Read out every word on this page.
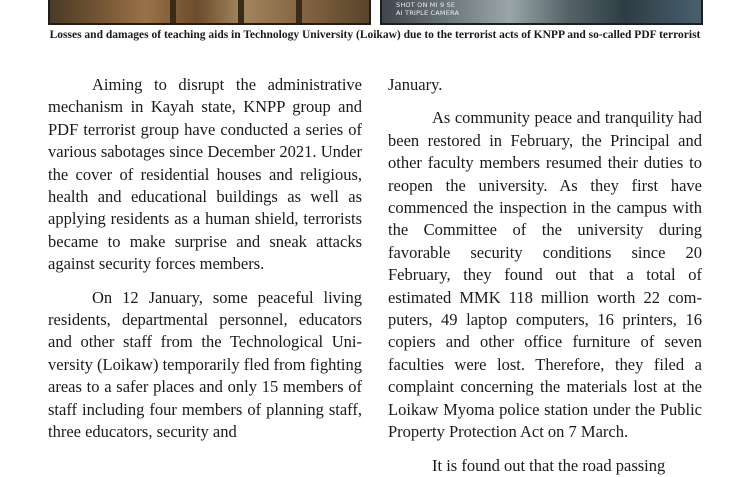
SHOT ON MI 9 SE
AI TRIPLE CAMERA
Losses and damages of teaching aids in Technology University (Loikaw) due to the terrorist acts of KNPP and so-called PDF terrorist

Aiming to disrupt the administrative mechanism in Kayah state, KNPP group and PDF terrorist group have conducted a series of various sabotages since December 2021. Under the cover of residential houses and religious, health and educational buildings as well as applying residents as a human shield, terrorists became to make surprise and sneak attacks against security forces members.

On 12 January, some peaceful living residents, departmental personnel, educators and other staff from the Technological University (Loikaw) temporarily fled from fighting areas to a safer places and only 15 members of staff including four members of planning staff, three educators, security and

January.

As community peace and tranquility had been restored in February, the Principal and other faculty members resumed their duties to reopen the university. As they first have commenced the inspection in the campus with the Committee of the university during favorable security conditions since 20 February, they found out that a total of estimated MMK 118 million worth 22 computers, 49 laptop computers, 16 printers, 16 copiers and other office furniture of seven faculties were lost. Therefore, they filed a complaint concerning the materials lost at the Loikaw Myoma police station under the Public Property Protection Act on 7 March.

It is found out that the road passing
